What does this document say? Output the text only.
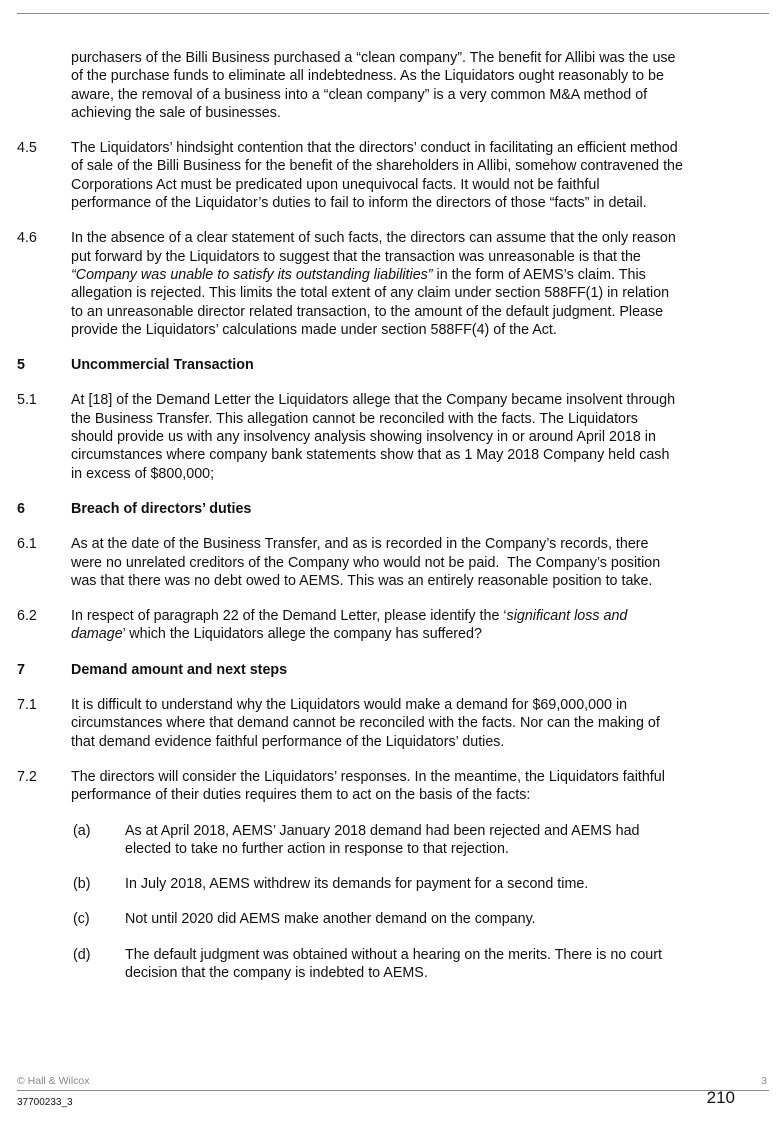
purchasers of the Billi Business purchased a “clean company”. The benefit for Allibi was the use of the purchase funds to eliminate all indebtedness. As the Liquidators ought reasonably to be aware, the removal of a business into a “clean company” is a very common M&A method of achieving the sale of businesses.
4.5 The Liquidators’ hindsight contention that the directors’ conduct in facilitating an efficient method of sale of the Billi Business for the benefit of the shareholders in Allibi, somehow contravened the Corporations Act must be predicated upon unequivocal facts. It would not be faithful performance of the Liquidator’s duties to fail to inform the directors of those “facts” in detail.
4.6 In the absence of a clear statement of such facts, the directors can assume that the only reason put forward by the Liquidators to suggest that the transaction was unreasonable is that the “Company was unable to satisfy its outstanding liabilities” in the form of AEMS’s claim. This allegation is rejected. This limits the total extent of any claim under section 588FF(1) in relation to an unreasonable director related transaction, to the amount of the default judgment. Please provide the Liquidators’ calculations made under section 588FF(4) of the Act.
5	Uncommercial Transaction
5.1 At [18] of the Demand Letter the Liquidators allege that the Company became insolvent through the Business Transfer. This allegation cannot be reconciled with the facts. The Liquidators should provide us with any insolvency analysis showing insolvency in or around April 2018 in circumstances where company bank statements show that as 1 May 2018 Company held cash in excess of $800,000;
6	Breach of directors’ duties
6.1 As at the date of the Business Transfer, and as is recorded in the Company’s records, there were no unrelated creditors of the Company who would not be paid.  The Company’s position was that there was no debt owed to AEMS. This was an entirely reasonable position to take.
6.2 In respect of paragraph 22 of the Demand Letter, please identify the ‘significant loss and damage’ which the Liquidators allege the company has suffered?
7	Demand amount and next steps
7.1 It is difficult to understand why the Liquidators would make a demand for $69,000,000 in circumstances where that demand cannot be reconciled with the facts. Nor can the making of that demand evidence faithful performance of the Liquidators’ duties.
7.2 The directors will consider the Liquidators’ responses. In the meantime, the Liquidators faithful performance of their duties requires them to act on the basis of the facts:
(a) As at April 2018, AEMS’ January 2018 demand had been rejected and AEMS had elected to take no further action in response to that rejection.
(b) In July 2018, AEMS withdrew its demands for payment for a second time.
(c) Not until 2020 did AEMS make another demand on the company.
(d) The default judgment was obtained without a hearing on the merits. There is no court decision that the company is indebted to AEMS.
© Hall & Wilcox	3
37700233_3	210
